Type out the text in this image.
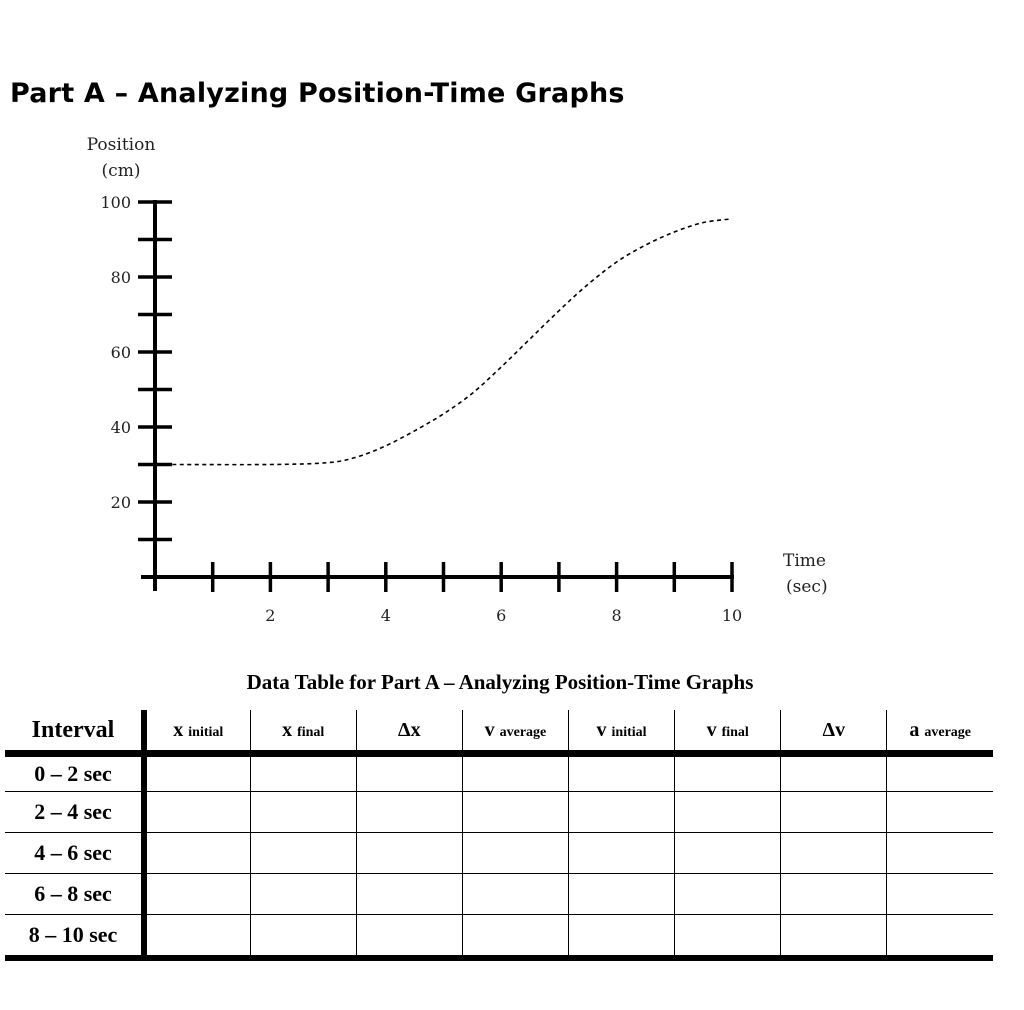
Part A – Analyzing Position-Time Graphs
Position
(cm)
Time
(sec)
20
40
60
80
100
2	4	6	8	10
Data Table for Part A – Analyzing Position-Time Graphs
Interval	x initial	x final	Δx	v average	v initial	v final	Δv	a average
0 – 2 sec								
2 – 4 sec								
4 – 6 sec								
6 – 8 sec								
8 – 10 sec								
